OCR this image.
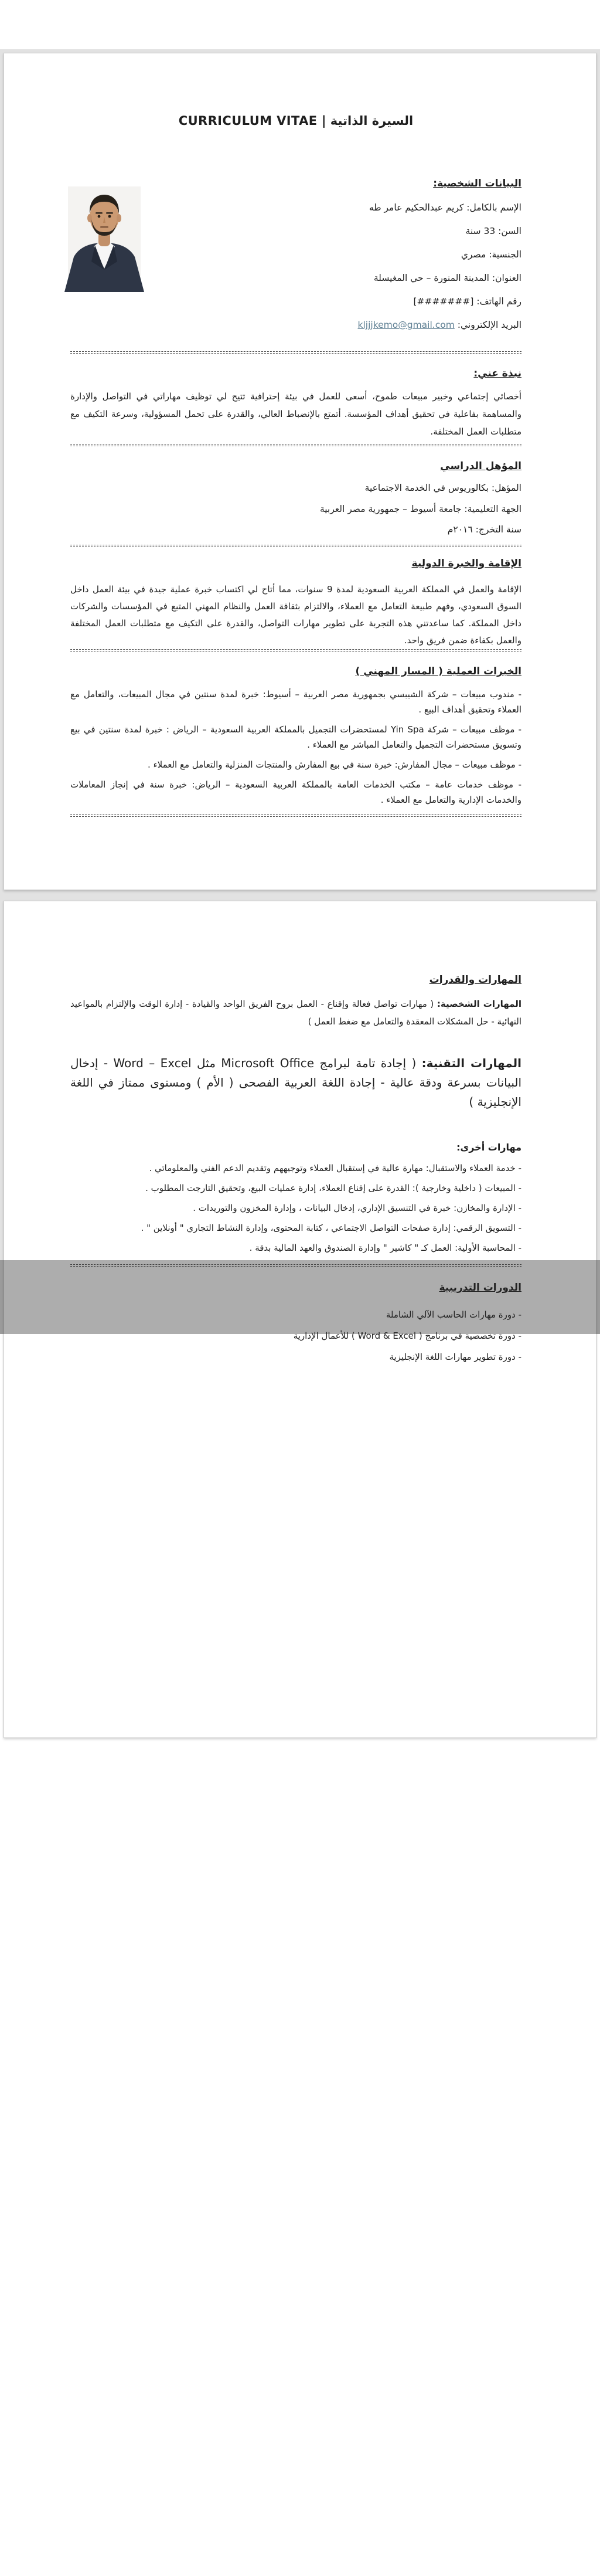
السيرة الذاتية | CURRICULUM VITAE
البيانات الشخصية:

الإسم بالكامل: كريم عبدالحكيم عامر طه

السن: 33 سنة

الجنسية: مصري

العنوان: المدينة المنورة – حي المغيسلة

رقم الهاتف: [#######]

البريد الإلكتروني: kljjjkemo@gmail.com

نبذة عني:

أخصائي إجتماعي وخبير مبيعات طموح، أسعى للعمل في بيئة إحترافية تتيح لي توظيف مهاراتي في التواصل والإدارة والمساهمة بفاعلية في تحقيق أهداف المؤسسة. أتمتع بالإنضباط العالي، والقدرة على تحمل المسؤولية، وسرعة التكيف مع متطلبات العمل المختلفة.

المؤهل الدراسي

المؤهل: بكالوريوس في الخدمة الاجتماعية

الجهة التعليمية: جامعة أسيوط – جمهورية مصر العربية

سنة التخرج: ٢٠١٦م

الإقامة والخبرة الدولية

الإقامة والعمل في المملكة العربية السعودية لمدة 9 سنوات، مما أتاح لي اكتساب خبرة عملية جيدة في بيئة العمل داخل السوق السعودي، وفهم طبيعة التعامل مع العملاء، والالتزام بثقافة العمل والنظام المهني المتبع في المؤسسات والشركات داخل المملكة. كما ساعدتني هذه التجربة على تطوير مهارات التواصل، والقدرة على التكيف مع متطلبات العمل المختلفة والعمل بكفاءة ضمن فريق واحد.

الخبرات العملية ( المسار المهني )

- مندوب مبيعات – شركة الشيبسي بجمهورية مصر العربية – أسيوط: خبرة لمدة سنتين في مجال المبيعات، والتعامل مع العملاء وتحقيق أهداف البيع .

- موظف مبيعات – شركة Yin Spa لمستحضرات التجميل بالمملكة العربية السعودية – الرياض : خبرة لمدة سنتين في بيع وتسويق مستحضرات التجميل والتعامل المباشر مع العملاء .

- موظف مبيعات – مجال المفارش: خبرة سنة في بيع المفارش والمنتجات المنزلية والتعامل مع العملاء .

- موظف خدمات عامة – مكتب الخدمات العامة بالمملكة العربية السعودية – الرياض: خبرة سنة في إنجاز المعاملات والخدمات الإدارية والتعامل مع العملاء .

المهارات والقدرات

المهارات الشخصية: ( مهارات تواصل فعالة وإقناع - العمل بروح الفريق الواحد والقيادة - إدارة الوقت والإلتزام بالمواعيد النهائية - حل المشكلات المعقدة والتعامل مع ضغط العمل )

المهارات التقنية: ( إجادة تامة لبرامج Microsoft Office مثل Word – Excel - إدخال البيانات بسرعة ودقة عالية - إجادة اللغة العربية الفصحى ( الأم ) ومستوى ممتاز في اللغة الإنجليزية )

مهارات أخرى:

- خدمة العملاء والاستقبال: مهارة عالية في إستقبال العملاء وتوجيههم وتقديم الدعم الفني والمعلوماتي .

- المبيعات ( داخلية وخارجية ): القدرة على إقناع العملاء، إدارة عمليات البيع، وتحقيق التارجت المطلوب .

- الإدارة والمخازن: خبرة في التنسيق الإداري، إدخال البيانات ، وإدارة المخزون والتوريدات .

- التسويق الرقمي: إدارة صفحات التواصل الاجتماعي ، كتابة المحتوى، وإدارة النشاط التجاري " أونلاين " .

- المحاسبة الأولية: العمل كـ " كاشير " وإدارة الصندوق والعهد المالية بدقة .

الدورات التدريبية

- دورة مهارات الحاسب الآلي الشاملة

- دورة تخصصية في برنامج ( Word & Excel ) للأعمال الإدارية

- دورة تطوير مهارات اللغة الإنجليزية
